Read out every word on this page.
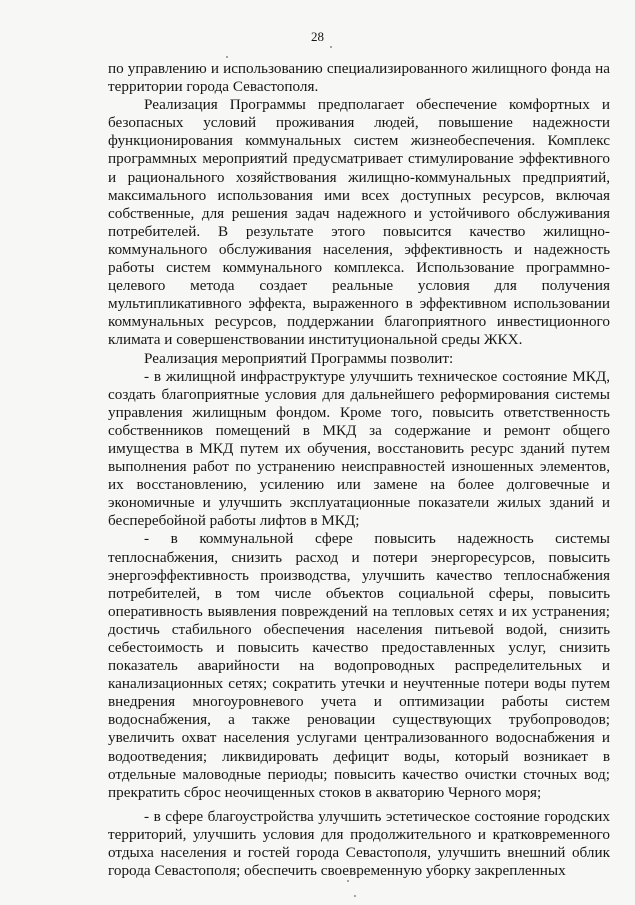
28

по управлению и использованию специализированного жилищного фонда на территории города Севастополя.

Реализация Программы предполагает обеспечение комфортных и безопасных условий проживания людей, повышение надежности функционирования коммунальных систем жизнеобеспечения. Комплекс программных мероприятий предусматривает стимулирование эффективного и рационального хозяйствования жилищно-коммунальных предприятий, максимального использования ими всех доступных ресурсов, включая собственные, для решения задач надежного и устойчивого обслуживания потребителей. В результате этого повысится качество жилищно-коммунального обслуживания населения, эффективность и надежность работы систем коммунального комплекса. Использование программно-целевого метода создает реальные условия для получения мультипликативного эффекта, выраженного в эффективном использовании коммунальных ресурсов, поддержании благоприятного инвестиционного климата и совершенствовании институциональной среды ЖКХ.

Реализация мероприятий Программы позволит:

- в жилищной инфраструктуре улучшить техническое состояние МКД, создать благоприятные условия для дальнейшего реформирования системы управления жилищным фондом. Кроме того, повысить ответственность собственников помещений в МКД за содержание и ремонт общего имущества в МКД путем их обучения, восстановить ресурс зданий путем выполнения работ по устранению неисправностей изношенных элементов, их восстановлению, усилению или замене на более долговечные и экономичные и улучшить эксплуатационные показатели жилых зданий и бесперебойной работы лифтов в МКД;

- в коммунальной сфере повысить надежность системы теплоснабжения, снизить расход и потери энергоресурсов, повысить энергоэффективность производства, улучшить качество теплоснабжения потребителей, в том числе объектов социальной сферы, повысить оперативность выявления повреждений на тепловых сетях и их устранения; достичь стабильного обеспечения населения питьевой водой, снизить себестоимость и повысить качество предоставленных услуг, снизить показатель аварийности на водопроводных распределительных и канализационных сетях; сократить утечки и неучтенные потери воды путем внедрения многоуровневого учета и оптимизации работы систем водоснабжения, а также реновации существующих трубопроводов; увеличить охват населения услугами централизованного водоснабжения и водоотведения; ликвидировать дефицит воды, который возникает в отдельные маловодные периоды; повысить качество очистки сточных вод; прекратить сброс неочищенных стоков в акваторию Черного моря;

- в сфере благоустройства улучшить эстетическое состояние городских территорий, улучшить условия для продолжительного и кратковременного отдыха населения и гостей города Севастополя, улучшить внешний облик города Севастополя; обеспечить своевременную уборку закрепленных
